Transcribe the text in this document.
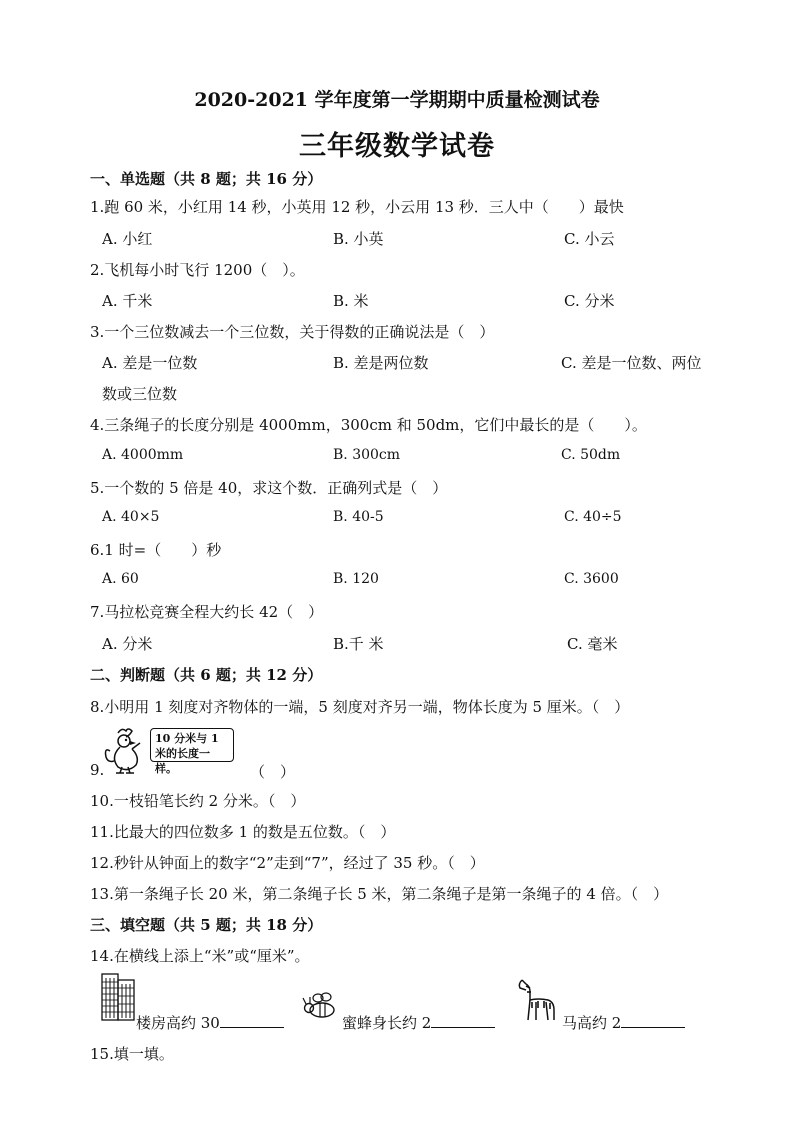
2020-2021 学年度第一学期期中质量检测试卷
三年级数学试卷
一、单选题（共 8 题；共 16 分）
1.跑 60 米，小红用 14 秒，小英用 12 秒，小云用 13 秒．三人中（　　）最快
A. 小红	B. 小英	C. 小云
2.飞机每小时飞行 1200（　）。
A. 千米	B. 米	C. 分米
3.一个三位数减去一个三位数，关于得数的正确说法是（　）
A. 差是一位数	B. 差是两位数	C. 差是一位数、两位
数或三位数
4.三条绳子的长度分别是 4000mm，300cm 和 50dm，它们中最长的是（　　）。
A. 4000mm	B. 300cm	C. 50dm
5.一个数的 5 倍是 40，求这个数．正确列式是（　）
A. 40×5	B. 40-5	C. 40÷5
6.1 时=（　　）秒
A. 60	B. 120	C. 3600
7.马拉松竞赛全程大约长 42（　）
A. 分米	B.千 米	C. 毫米
二、判断题（共 6 题；共 12 分）
8.小明用 1 刻度对齐物体的一端，5 刻度对齐另一端，物体长度为 5 厘米。（　）
10 分米与 1 米的长度一样。
9.	（　）
10.一枝铅笔长约 2 分米。（　）
11.比最大的四位数多 1 的数是五位数。（　）
12.秒针从钟面上的数字“2”走到“7”，经过了 35 秒。（　）
13.第一条绳子长 20 米，第二条绳子长 5 米，第二条绳子是第一条绳子的 4 倍。（　）
三、填空题（共 5 题；共 18 分）
14.在横线上添上“米”或“厘米”。
楼房高约 30	蜜蜂身长约 2	马高约 2
15.填一填。
